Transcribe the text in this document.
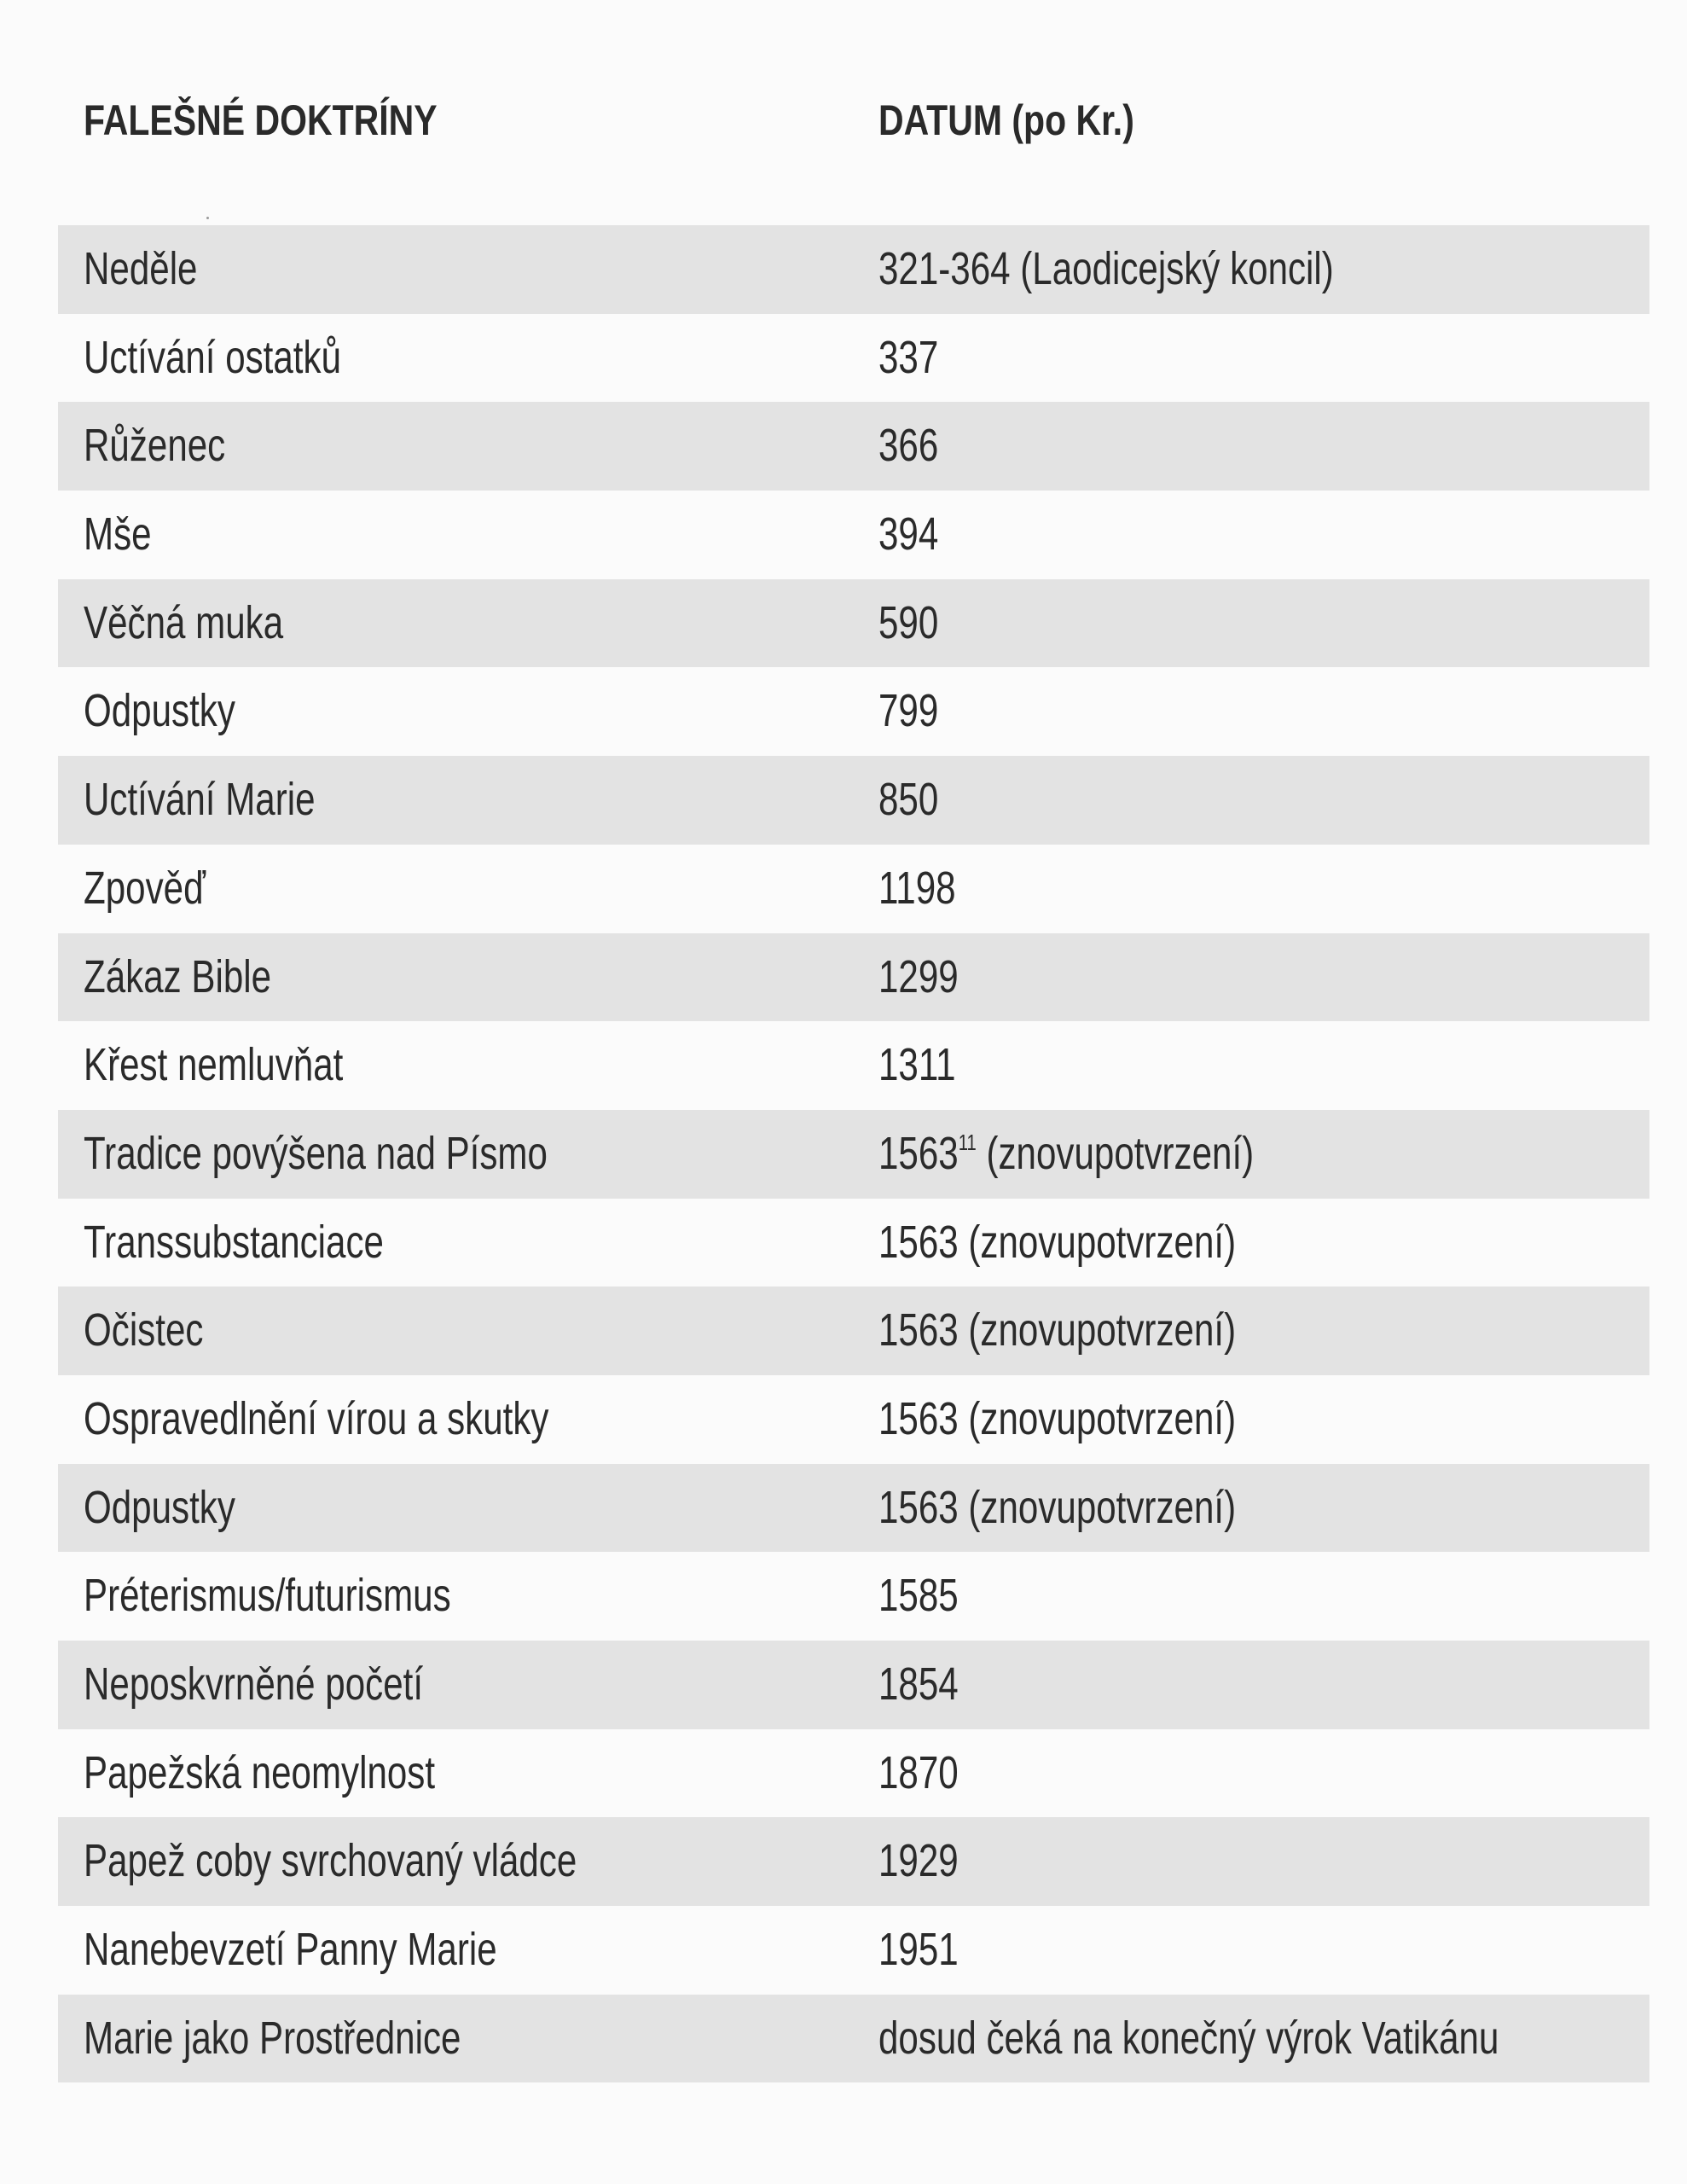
FALEŠNÉ DOKTRÍNY	DATUM (po Kr.)
Neděle	321-364 (Laodicejský koncil)
Uctívání ostatků	337
Růženec	366
Mše	394
Věčná muka	590
Odpustky	799
Uctívání Marie	850
Zpověď	1198
Zákaz Bible	1299
Křest nemluvňat	1311
Tradice povýšena nad Písmo	1563$^{11}$ (znovupotvrzení)
Transsubstanciace	1563 (znovupotvrzení)
Očistec	1563 (znovupotvrzení)
Ospravedlnění vírou a skutky	1563 (znovupotvrzení)
Odpustky	1563 (znovupotvrzení)
Préterismus/futurismus	1585
Neposkvrněné početí	1854
Papežská neomylnost	1870
Papež coby svrchovaný vládce	1929
Nanebevzetí Panny Marie	1951
Marie jako Prostřednice	dosud čeká na konečný výrok Vatikánu
